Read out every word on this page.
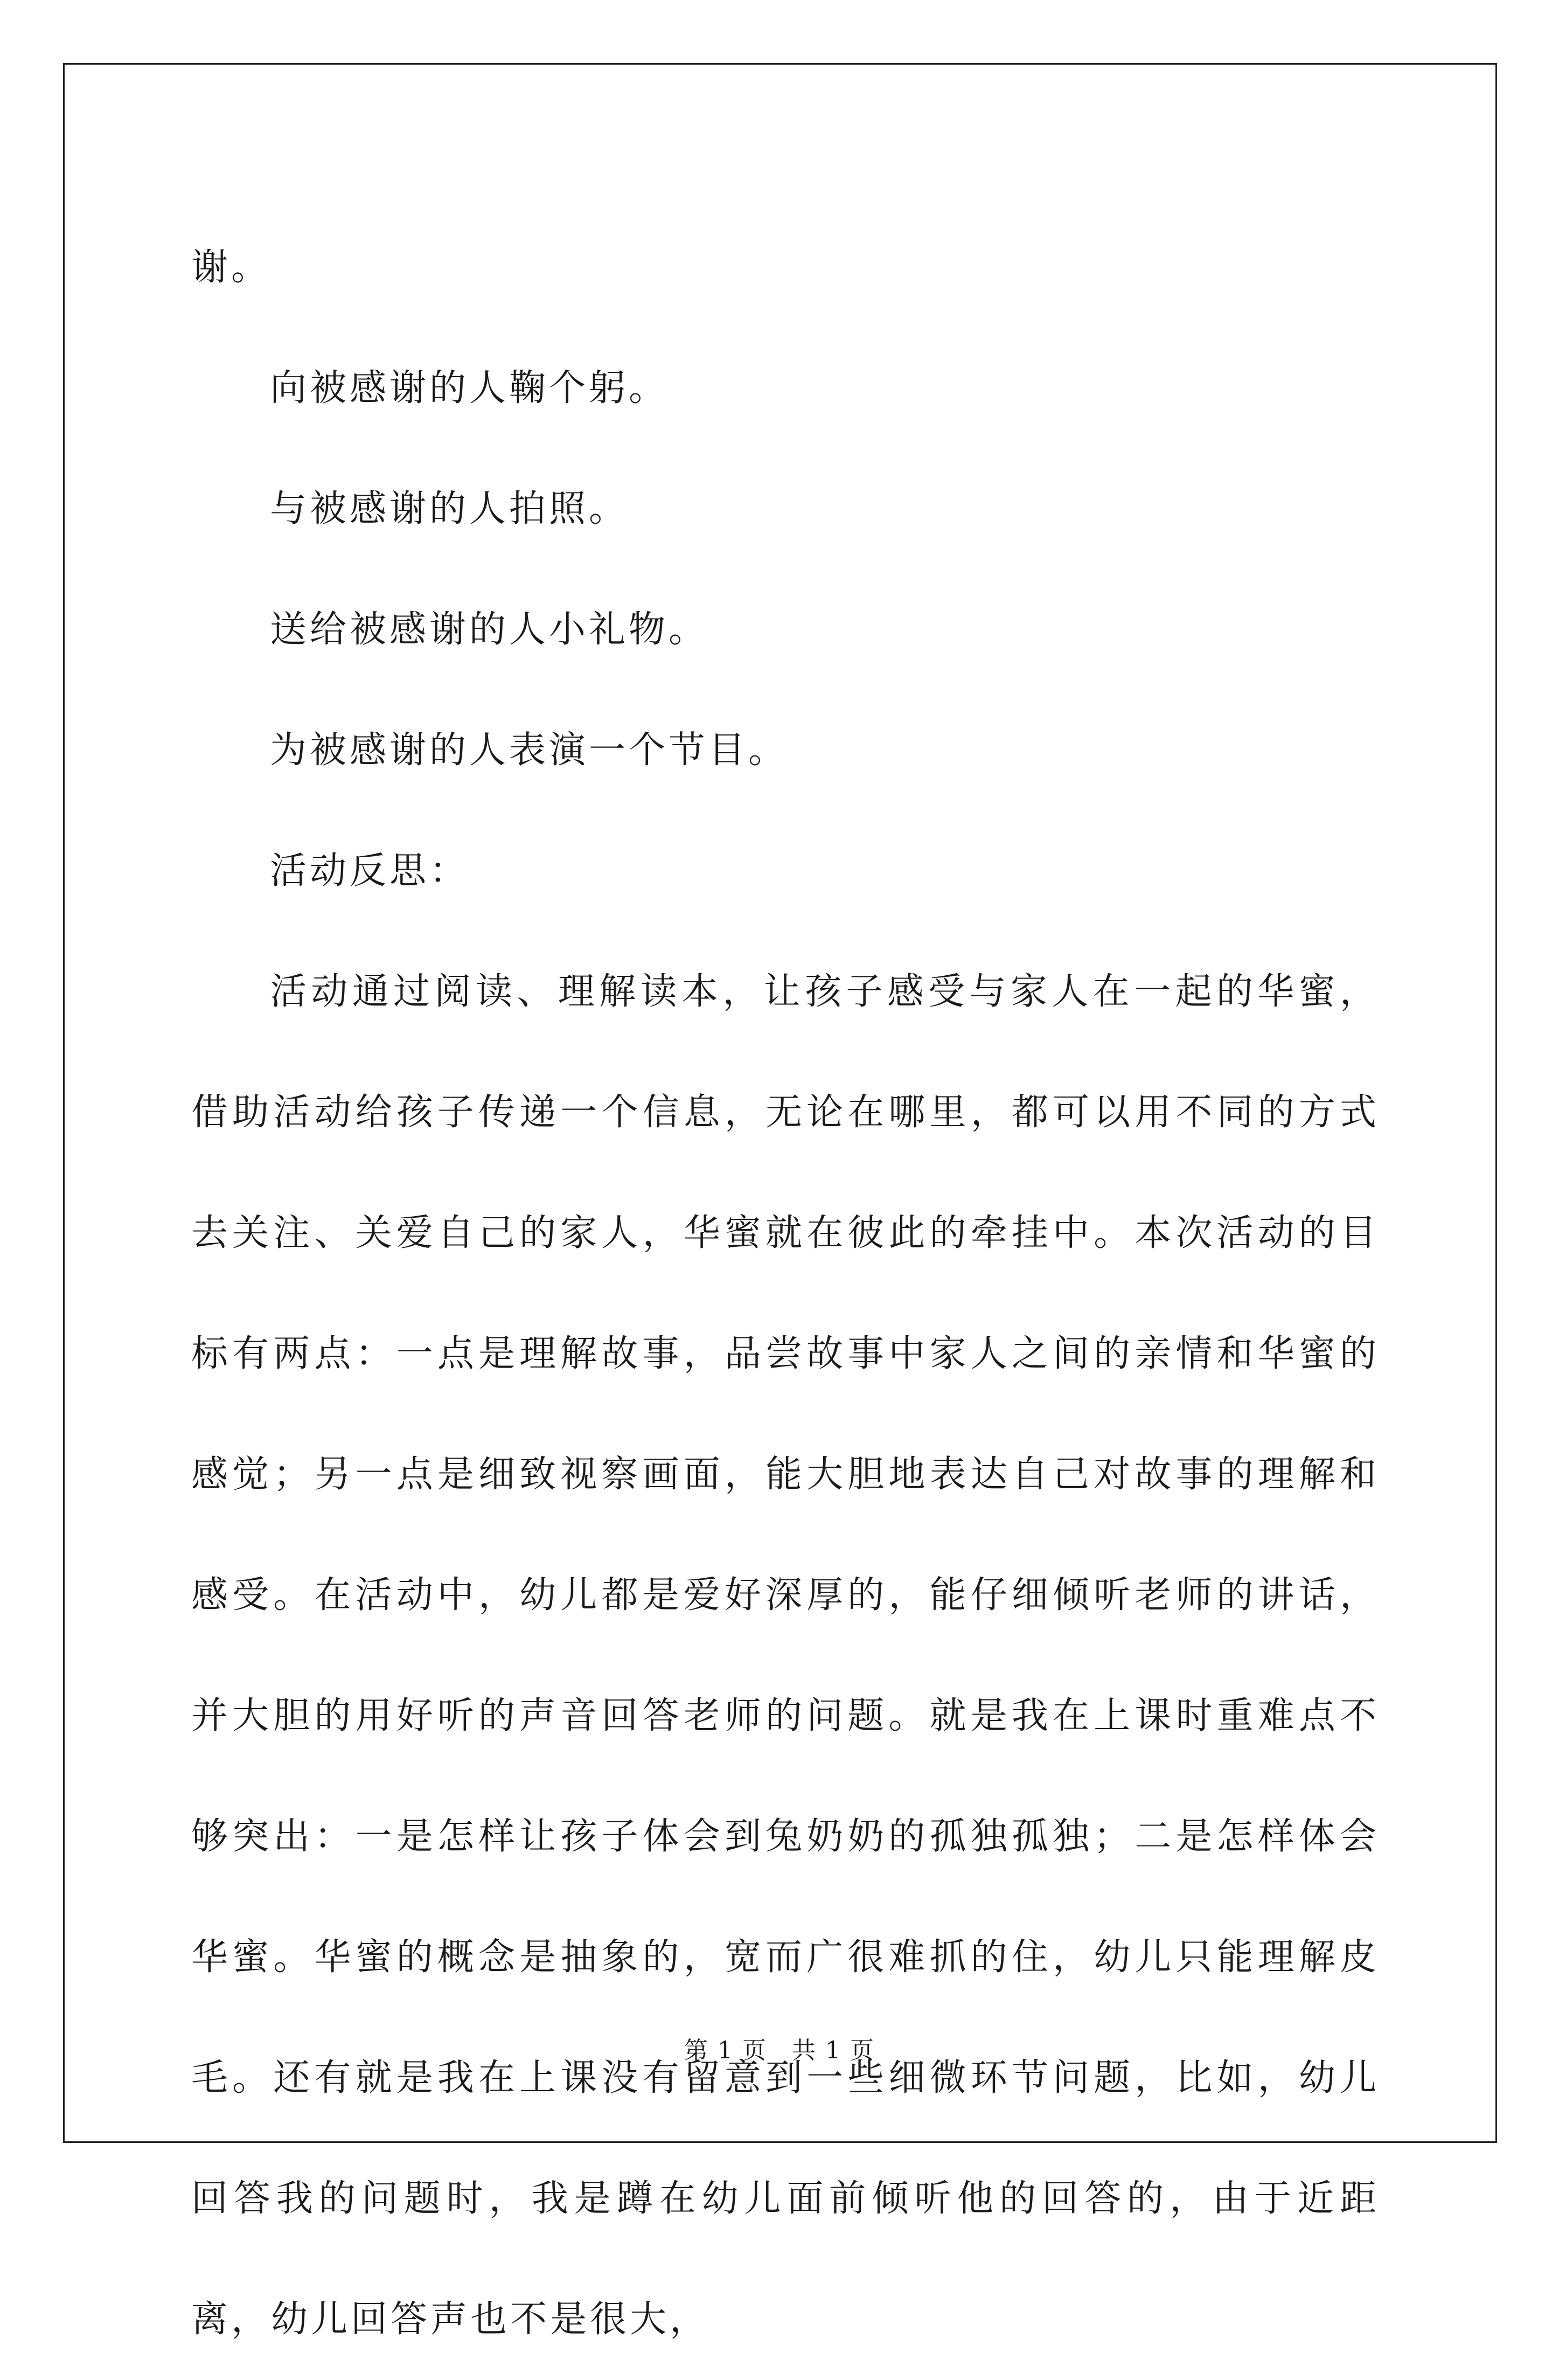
谢。

向被感谢的人鞠个躬。

与被感谢的人拍照。

送给被感谢的人小礼物。

为被感谢的人表演一个节目。

活动反思：

活动通过阅读、理解读本，让孩子感受与家人在一起的华蜜，借助活动给孩子传递一个信息，无论在哪里，都可以用不同的方式去关注、关爱自己的家人，华蜜就在彼此的牵挂中。本次活动的目标有两点：一点是理解故事，品尝故事中家人之间的亲情和华蜜的感觉；另一点是细致视察画面，能大胆地表达自己对故事的理解和感受。在活动中，幼儿都是爱好深厚的，能仔细倾听老师的讲话，并大胆的用好听的声音回答老师的问题。就是我在上课时重难点不够突出：一是怎样让孩子体会到兔奶奶的孤独孤独；二是怎样体会华蜜。华蜜的概念是抽象的，宽而广很难抓的住，幼儿只能理解皮毛。还有就是我在上课没有留意到一些细微环节问题，比如，幼儿回答我的问题时，我是蹲在幼儿面前倾听他的回答的，由于近距离，幼儿回答声也不是很大，

第 1 页　共 1 页
